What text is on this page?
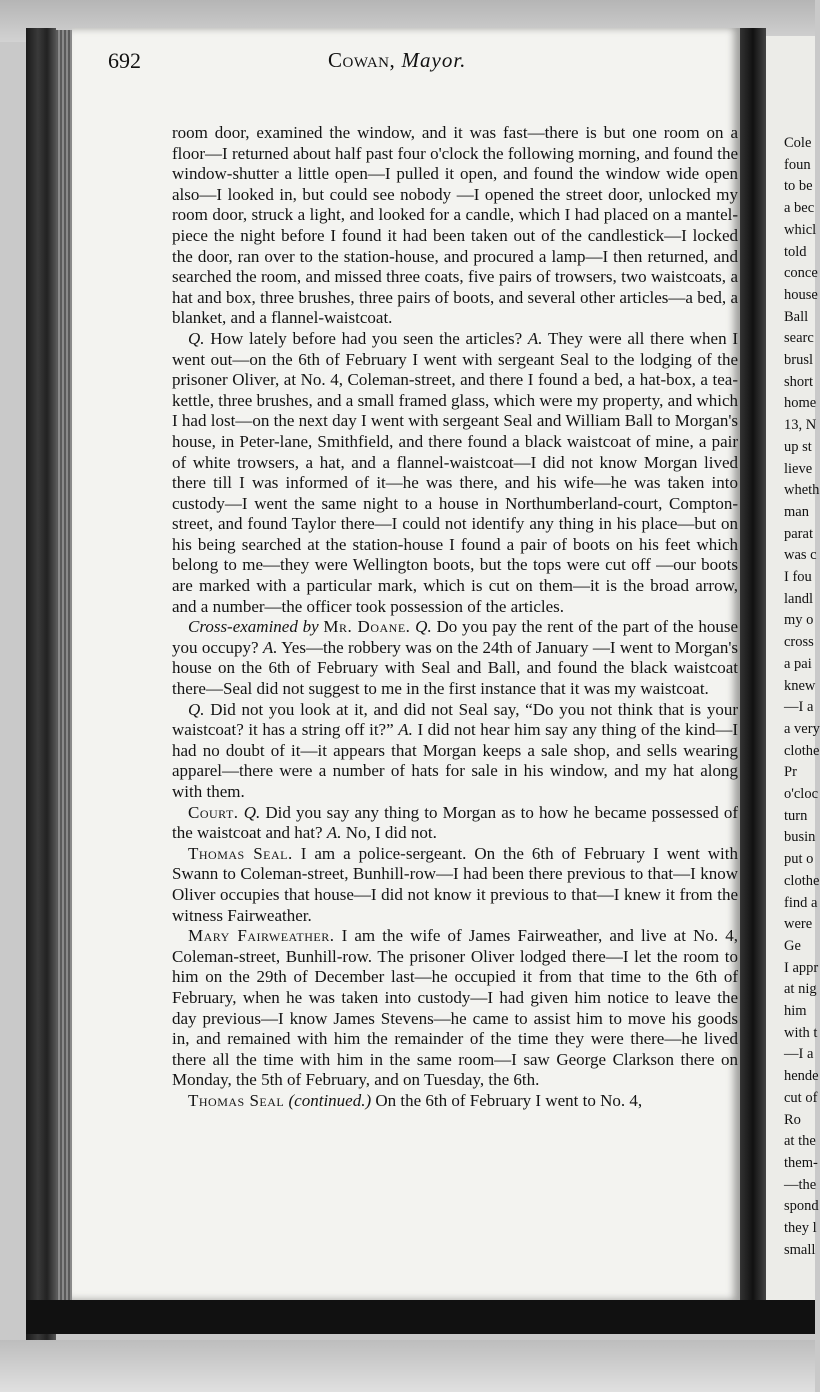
Cole
foun
to be
a bec
whicl
told
conce
house
Ball
searc
brusl
short
home
13, N
up st
lieve
wheth
man
parat
was c
I fou
landl
my o
cross
a pai
knew
—I a
a very
clothe
Pr
o'cloc
turn
busin
put o
clothe
find a
were
Ge
I appr
at nig
him
with t
—I a
hende
cut of
Ro
at the
them-
—the
spond
they l
small
692	Cowan, Mayor.

room door, examined the window, and it was fast—there is but one room on a floor—I returned about half past four o'clock the following morning, and found the window-shutter a little open—I pulled it open, and found the window wide open also—I looked in, but could see nobody —I opened the street door, unlocked my room door, struck a light, and looked for a candle, which I had placed on a mantel-piece the night before I found it had been taken out of the candlestick—I locked the door, ran over to the station-house, and procured a lamp—I then returned, and searched the room, and missed three coats, five pairs of trowsers, two waistcoats, a hat and box, three brushes, three pairs of boots, and several other articles—a bed, a blanket, and a flannel-waistcoat.

Q. How lately before had you seen the articles? A. They were all there when I went out—on the 6th of February I went with sergeant Seal to the lodging of the prisoner Oliver, at No. 4, Coleman-street, and there I found a bed, a hat-box, a tea-kettle, three brushes, and a small framed glass, which were my property, and which I had lost—on the next day I went with sergeant Seal and William Ball to Morgan's house, in Peter-lane, Smithfield, and there found a black waistcoat of mine, a pair of white trowsers, a hat, and a flannel-waistcoat—I did not know Morgan lived there till I was informed of it—he was there, and his wife—he was taken into custody—I went the same night to a house in Northumberland-court, Compton-street, and found Taylor there—I could not identify any thing in his place—but on his being searched at the station-house I found a pair of boots on his feet which belong to me—they were Wellington boots, but the tops were cut off —our boots are marked with a particular mark, which is cut on them—it is the broad arrow, and a number—the officer took possession of the articles.

Cross-examined by Mr. Doane. Q. Do you pay the rent of the part of the house you occupy? A. Yes—the robbery was on the 24th of January —I went to Morgan's house on the 6th of February with Seal and Ball, and found the black waistcoat there—Seal did not suggest to me in the first instance that it was my waistcoat.

Q. Did not you look at it, and did not Seal say, “Do you not think that is your waistcoat? it has a string off it?” A. I did not hear him say any thing of the kind—I had no doubt of it—it appears that Morgan keeps a sale shop, and sells wearing apparel—there were a number of hats for sale in his window, and my hat along with them.

Court. Q. Did you say any thing to Morgan as to how he became possessed of the waistcoat and hat? A. No, I did not.

Thomas Seal. I am a police-sergeant. On the 6th of February I went with Swann to Coleman-street, Bunhill-row—I had been there previous to that—I know Oliver occupies that house—I did not know it previous to that—I knew it from the witness Fairweather.

Mary Fairweather. I am the wife of James Fairweather, and live at No. 4, Coleman-street, Bunhill-row. The prisoner Oliver lodged there—I let the room to him on the 29th of December last—he occupied it from that time to the 6th of February, when he was taken into custody—I had given him notice to leave the day previous—I know James Stevens—he came to assist him to move his goods in, and remained with him the remainder of the time they were there—he lived there all the time with him in the same room—I saw George Clarkson there on Monday, the 5th of February, and on Tuesday, the 6th.

Thomas Seal (continued.) On the 6th of February I went to No. 4,
